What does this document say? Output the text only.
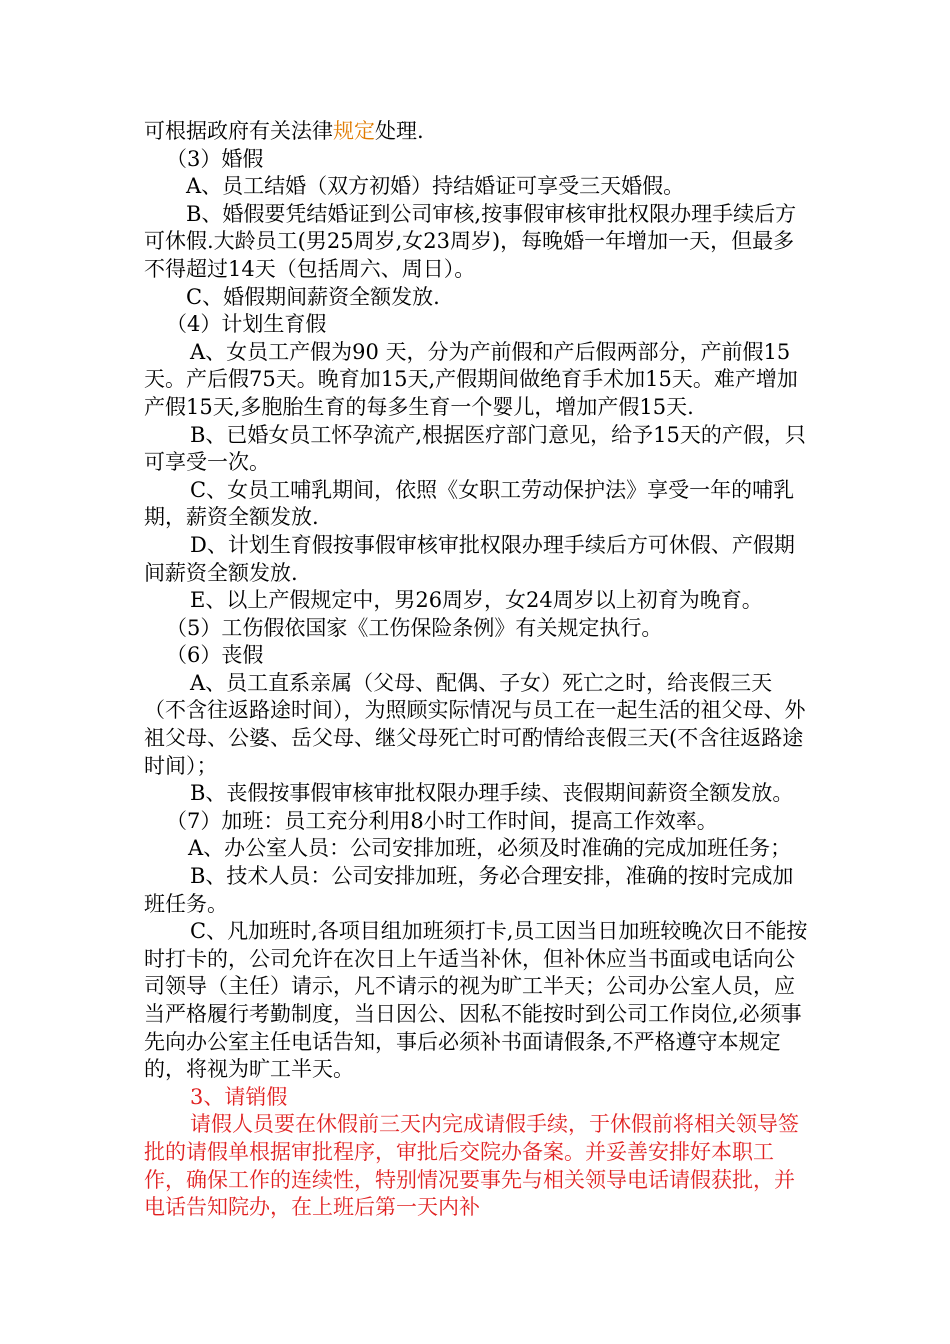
可根据政府有关法律规定处理.

（3）婚假

A、员工结婚（双方初婚）持结婚证可享受三天婚假。

B、婚假要凭结婚证到公司审核,按事假审核审批权限办理手续后方可休假.大龄员工(男25周岁,女23周岁)，每晚婚一年增加一天，但最多不得超过14天（包括周六、周日）。

C、婚假期间薪资全额发放.

（4）计划生育假

A、女员工产假为90 天，分为产前假和产后假两部分，产前假15天。产后假75天。晚育加15天,产假期间做绝育手术加15天。难产增加产假15天,多胞胎生育的每多生育一个婴儿，增加产假15天.

B、已婚女员工怀孕流产,根据医疗部门意见，给予15天的产假，只可享受一次。

C、女员工哺乳期间，依照《女职工劳动保护法》享受一年的哺乳期，薪资全额发放.

D、计划生育假按事假审核审批权限办理手续后方可休假、产假期间薪资全额发放.

E、以上产假规定中，男26周岁，女24周岁以上初育为晚育。

（5）工伤假依国家《工伤保险条例》有关规定执行。

（6）丧假

A、员工直系亲属（父母、配偶、子女）死亡之时，给丧假三天（不含往返路途时间），为照顾实际情况与员工在一起生活的祖父母、外祖父母、公婆、岳父母、继父母死亡时可酌情给丧假三天(不含往返路途时间）；

B、丧假按事假审核审批权限办理手续、丧假期间薪资全额发放。

（7）加班：员工充分利用8小时工作时间，提高工作效率。

A、办公室人员：公司安排加班，必须及时准确的完成加班任务；

B、技术人员：公司安排加班，务必合理安排，准确的按时完成加班任务。

C、凡加班时,各项目组加班须打卡,员工因当日加班较晚次日不能按时打卡的，公司允许在次日上午适当补休，但补休应当书面或电话向公司领导（主任）请示，凡不请示的视为旷工半天；公司办公室人员，应当严格履行考勤制度，当日因公、因私不能按时到公司工作岗位,必须事先向办公室主任电话告知，事后必须补书面请假条,不严格遵守本规定的，将视为旷工半天。

3、请销假

请假人员要在休假前三天内完成请假手续，于休假前将相关领导签批的请假单根据审批程序，审批后交院办备案。并妥善安排好本职工作，确保工作的连续性，特别情况要事先与相关领导电话请假获批，并电话告知院办，在上班后第一天内补
